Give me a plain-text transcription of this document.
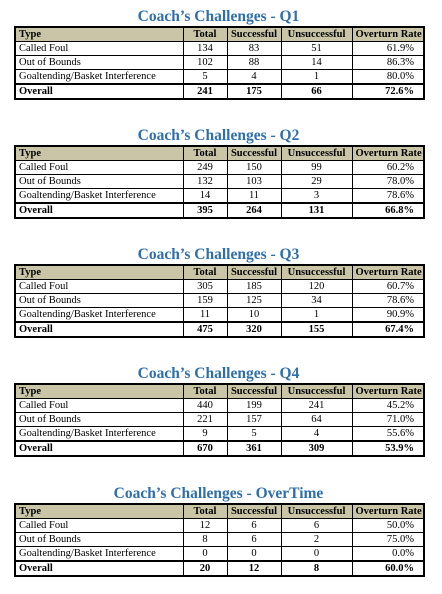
Coach’s Challenges - Q1
Type	Total	Successful	Unsuccessful	Overturn Rate
Called Foul	134	83	51	61.9%
Out of Bounds	102	88	14	86.3%
Goaltending/Basket Interference	5	4	1	80.0%
Overall	241	175	66	72.6%
Coach’s Challenges - Q2
Type	Total	Successful	Unsuccessful	Overturn Rate
Called Foul	249	150	99	60.2%
Out of Bounds	132	103	29	78.0%
Goaltending/Basket Interference	14	11	3	78.6%
Overall	395	264	131	66.8%
Coach’s Challenges - Q3
Type	Total	Successful	Unsuccessful	Overturn Rate
Called Foul	305	185	120	60.7%
Out of Bounds	159	125	34	78.6%
Goaltending/Basket Interference	11	10	1	90.9%
Overall	475	320	155	67.4%
Coach’s Challenges - Q4
Type	Total	Successful	Unsuccessful	Overturn Rate
Called Foul	440	199	241	45.2%
Out of Bounds	221	157	64	71.0%
Goaltending/Basket Interference	9	5	4	55.6%
Overall	670	361	309	53.9%
Coach’s Challenges - OverTime
Type	Total	Successful	Unsuccessful	Overturn Rate
Called Foul	12	6	6	50.0%
Out of Bounds	8	6	2	75.0%
Goaltending/Basket Interference	0	0	0	0.0%
Overall	20	12	8	60.0%
